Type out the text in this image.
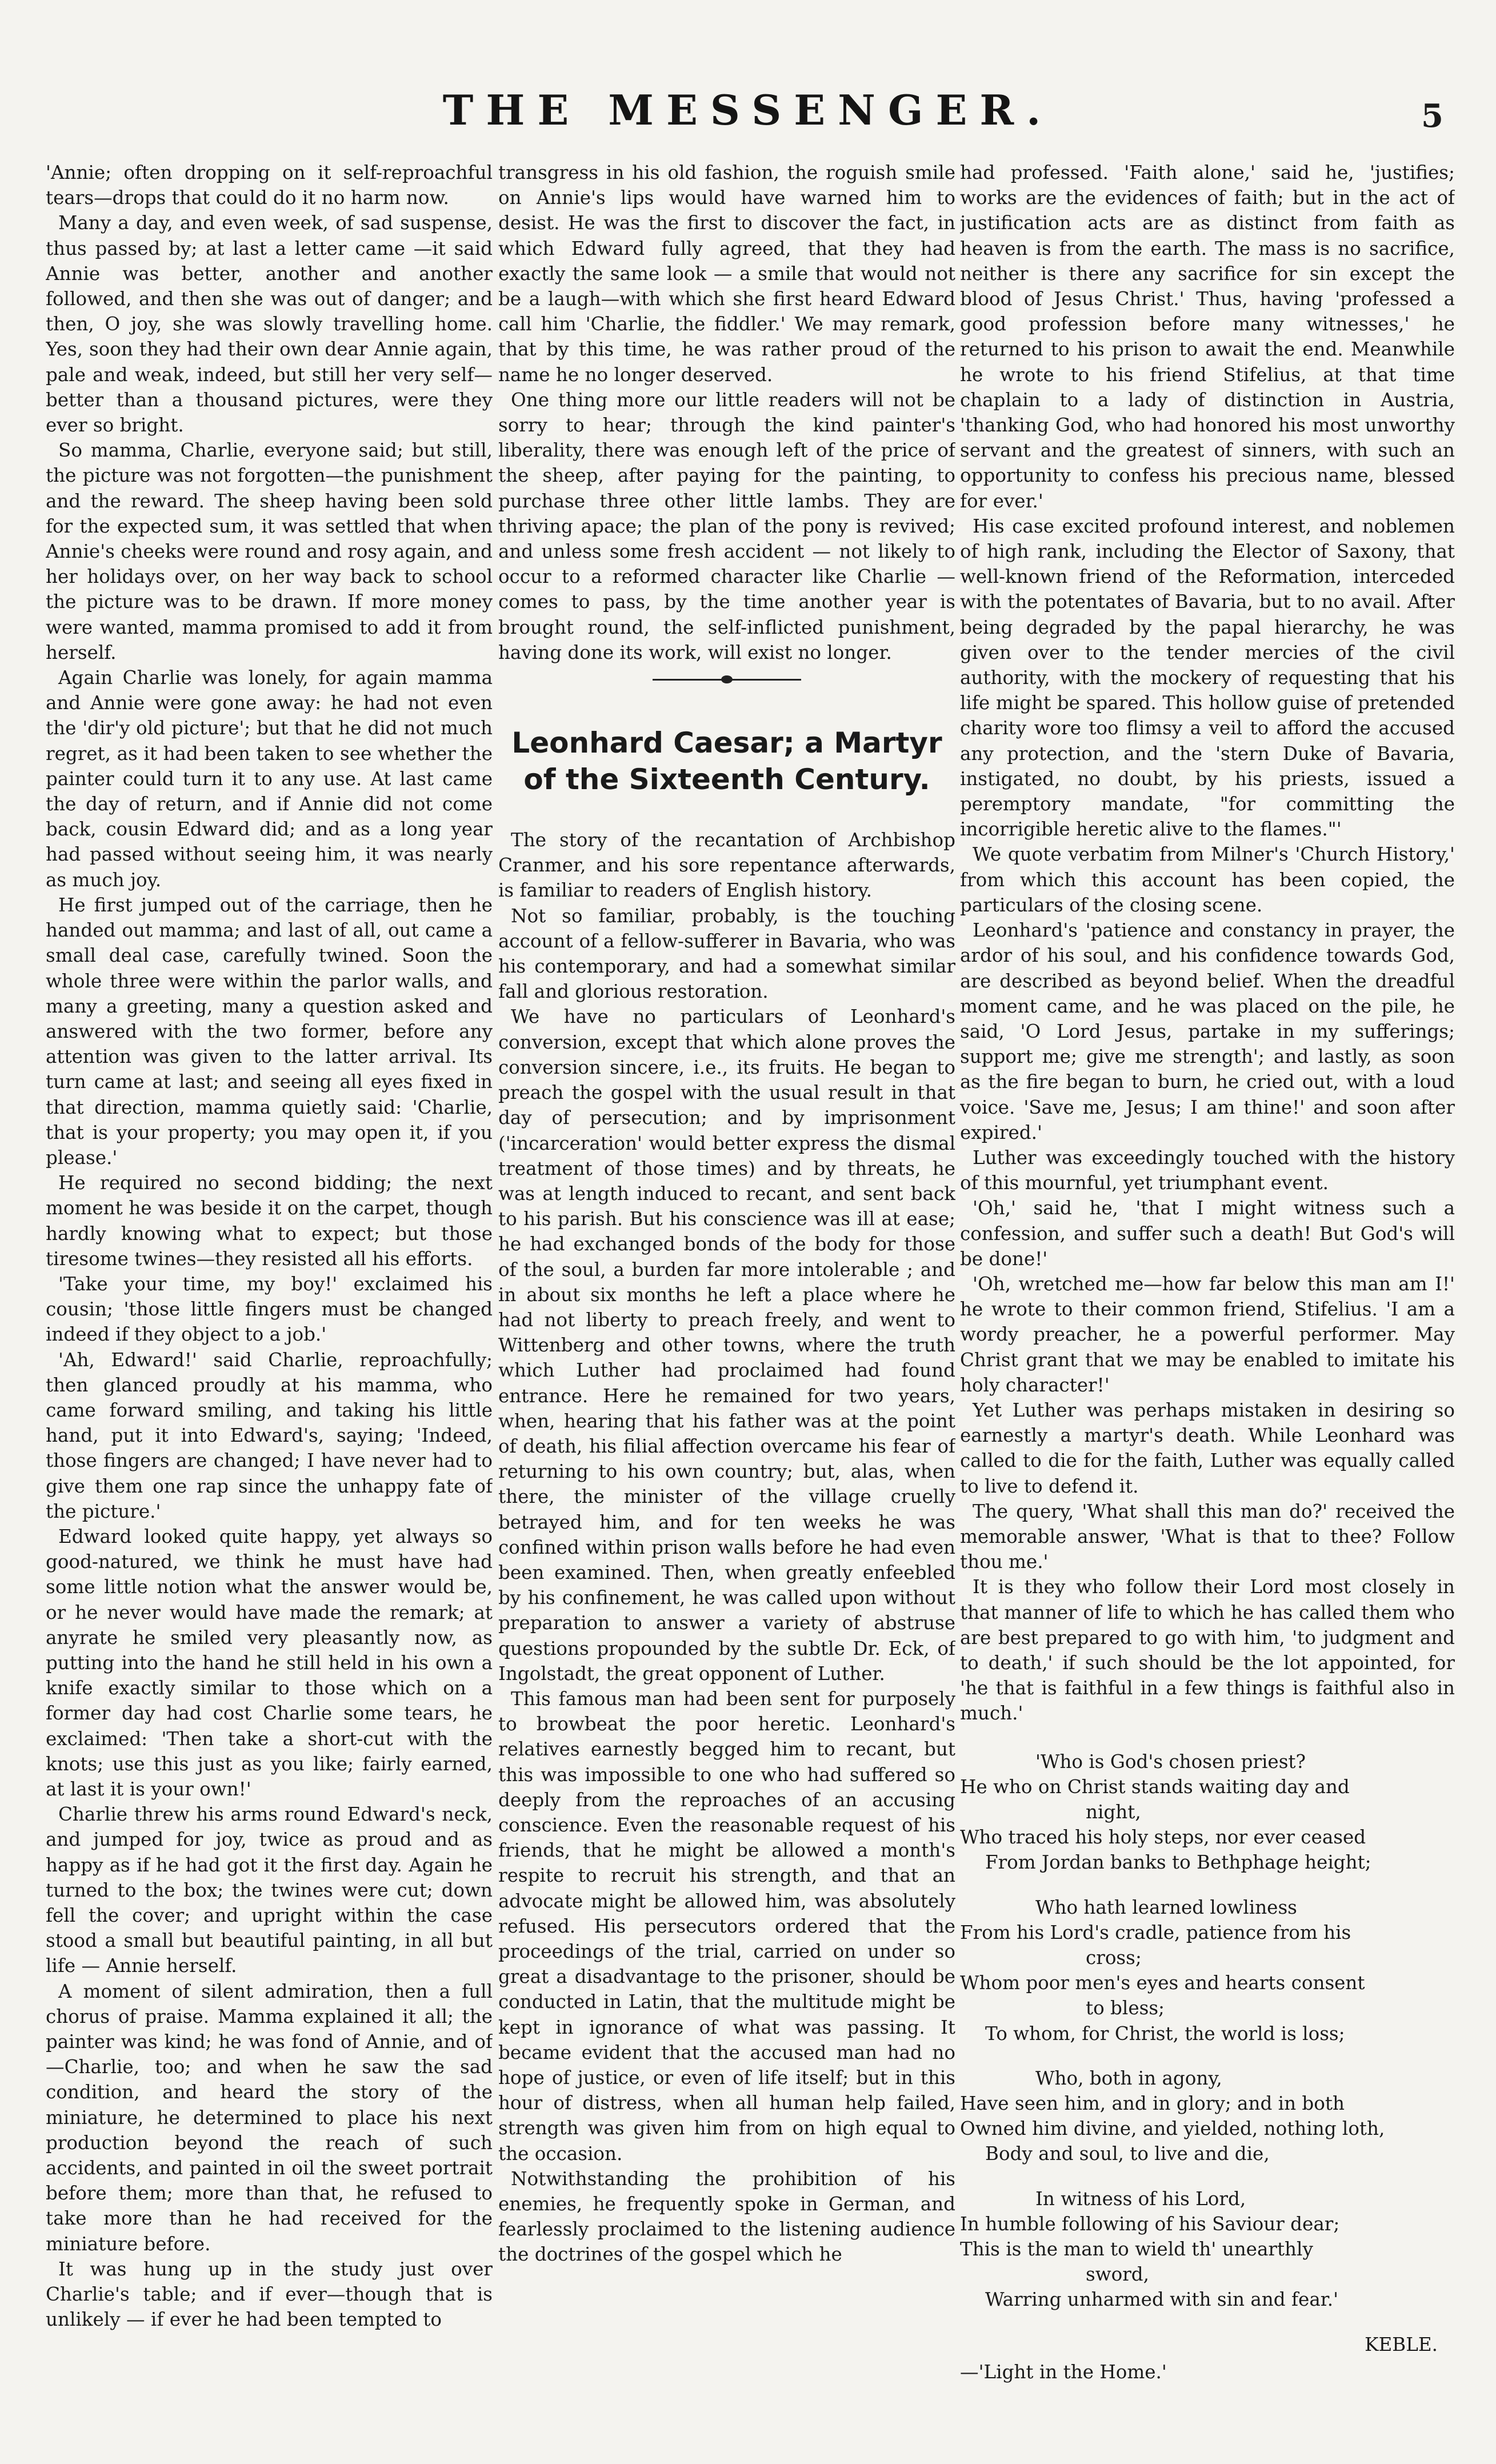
THE MESSENGER.	5

'Annie; often dropping on it self-reproachful tears—drops that could do it no harm now.

Many a day, and even week, of sad suspense, thus passed by; at last a letter came —it said Annie was better, another and another followed, and then she was out of danger; and then, O joy, she was slowly travelling home. Yes, soon they had their own dear Annie again, pale and weak, indeed, but still her very self—better than a thousand pictures, were they ever so bright.

So mamma, Charlie, everyone said; but still, the picture was not forgotten—the punishment and the reward. The sheep having been sold for the expected sum, it was settled that when Annie's cheeks were round and rosy again, and her holidays over, on her way back to school the picture was to be drawn. If more money were wanted, mamma promised to add it from herself.

Again Charlie was lonely, for again mamma and Annie were gone away: he had not even the 'dir'y old picture'; but that he did not much regret, as it had been taken to see whether the painter could turn it to any use. At last came the day of return, and if Annie did not come back, cousin Edward did; and as a long year had passed without seeing him, it was nearly as much joy.

He first jumped out of the carriage, then he handed out mamma; and last of all, out came a small deal case, carefully twined. Soon the whole three were within the parlor walls, and many a greeting, many a question asked and answered with the two former, before any attention was given to the latter arrival. Its turn came at last; and seeing all eyes fixed in that direction, mamma quietly said: 'Charlie, that is your property; you may open it, if you please.'

He required no second bidding; the next moment he was beside it on the carpet, though hardly knowing what to expect; but those tiresome twines—they resisted all his efforts.

'Take your time, my boy!' exclaimed his cousin; 'those little fingers must be changed indeed if they object to a job.'

'Ah, Edward!' said Charlie, reproachfully; then glanced proudly at his mamma, who came forward smiling, and taking his little hand, put it into Edward's, saying; 'Indeed, those fingers are changed; I have never had to give them one rap since the unhappy fate of the picture.'

Edward looked quite happy, yet always so good-natured, we think he must have had some little notion what the answer would be, or he never would have made the remark; at anyrate he smiled very pleasantly now, as putting into the hand he still held in his own a knife exactly similar to those which on a former day had cost Charlie some tears, he exclaimed: 'Then take a short-cut with the knots; use this just as you like; fairly earned, at last it is your own!'

Charlie threw his arms round Edward's neck, and jumped for joy, twice as proud and as happy as if he had got it the first day. Again he turned to the box; the twines were cut; down fell the cover; and upright within the case stood a small but beautiful painting, in all but life — Annie herself.

A moment of silent admiration, then a full chorus of praise. Mamma explained it all; the painter was kind; he was fond of Annie, and of—Charlie, too; and when he saw the sad condition, and heard the story of the miniature, he determined to place his next production beyond the reach of such accidents, and painted in oil the sweet portrait before them; more than that, he refused to take more than he had received for the miniature before.

It was hung up in the study just over Charlie's table; and if ever—though that is unlikely — if ever he had been tempted to

transgress in his old fashion, the roguish smile on Annie's lips would have warned him to desist. He was the first to discover the fact, in which Edward fully agreed, that they had exactly the same look — a smile that would not be a laugh—with which she first heard Edward call him 'Charlie, the fiddler.' We may remark, that by this time, he was rather proud of the name he no longer deserved.

One thing more our little readers will not be sorry to hear; through the kind painter's liberality, there was enough left of the price of the sheep, after paying for the painting, to purchase three other little lambs. They are thriving apace; the plan of the pony is revived; and unless some fresh accident — not likely to occur to a reformed character like Charlie — comes to pass, by the time another year is brought round, the self-inflicted punishment, having done its work, will exist no longer.

Leonhard Caesar; a Martyr of the Sixteenth Century.

The story of the recantation of Archbishop Cranmer, and his sore repentance afterwards, is familiar to readers of English history.

Not so familiar, probably, is the touching account of a fellow-sufferer in Bavaria, who was his contemporary, and had a somewhat similar fall and glorious restoration.

We have no particulars of Leonhard's conversion, except that which alone proves the conversion sincere, i.e., its fruits. He began to preach the gospel with the usual result in that day of persecution; and by imprisonment ('incarceration' would better express the dismal treatment of those times) and by threats, he was at length induced to recant, and sent back to his parish. But his conscience was ill at ease; he had exchanged bonds of the body for those of the soul, a burden far more intolerable ; and in about six months he left a place where he had not liberty to preach freely, and went to Wittenberg and other towns, where the truth which Luther had proclaimed had found entrance. Here he remained for two years, when, hearing that his father was at the point of death, his filial affection overcame his fear of returning to his own country; but, alas, when there, the minister of the village cruelly betrayed him, and for ten weeks he was confined within prison walls before he had even been examined. Then, when greatly enfeebled by his confinement, he was called upon without preparation to answer a variety of abstruse questions propounded by the subtle Dr. Eck, of Ingolstadt, the great opponent of Luther.

This famous man had been sent for purposely to browbeat the poor heretic. Leonhard's relatives earnestly begged him to recant, but this was impossible to one who had suffered so deeply from the reproaches of an accusing conscience. Even the reasonable request of his friends, that he might be allowed a month's respite to recruit his strength, and that an advocate might be allowed him, was absolutely refused. His persecutors ordered that the proceedings of the trial, carried on under so great a disadvantage to the prisoner, should be conducted in Latin, that the multitude might be kept in ignorance of what was passing. It became evident that the accused man had no hope of justice, or even of life itself; but in this hour of distress, when all human help failed, strength was given him from on high equal to the occasion.

Notwithstanding the prohibition of his enemies, he frequently spoke in German, and fearlessly proclaimed to the listening audience the doctrines of the gospel which he

had professed. 'Faith alone,' said he, 'justifies; works are the evidences of faith; but in the act of justification acts are as distinct from faith as heaven is from the earth. The mass is no sacrifice, neither is there any sacrifice for sin except the blood of Jesus Christ.' Thus, having 'professed a good profession before many witnesses,' he returned to his prison to await the end. Meanwhile he wrote to his friend Stifelius, at that time chaplain to a lady of distinction in Austria, 'thanking God, who had honored his most unworthy servant and the greatest of sinners, with such an opportunity to confess his precious name, blessed for ever.'

His case excited profound interest, and noblemen of high rank, including the Elector of Saxony, that well-known friend of the Reformation, interceded with the potentates of Bavaria, but to no avail. After being degraded by the papal hierarchy, he was given over to the tender mercies of the civil authority, with the mockery of requesting that his life might be spared. This hollow guise of pretended charity wore too flimsy a veil to afford the accused any protection, and the 'stern Duke of Bavaria, instigated, no doubt, by his priests, issued a peremptory mandate, "for committing the incorrigible heretic alive to the flames."'

We quote verbatim from Milner's 'Church History,' from which this account has been copied, the particulars of the closing scene.

Leonhard's 'patience and constancy in prayer, the ardor of his soul, and his confidence towards God, are described as beyond belief. When the dreadful moment came, and he was placed on the pile, he said, 'O Lord Jesus, partake in my sufferings; support me; give me strength'; and lastly, as soon as the fire began to burn, he cried out, with a loud voice. 'Save me, Jesus; I am thine!' and soon after expired.'

Luther was exceedingly touched with the history of this mournful, yet triumphant event.

'Oh,' said he, 'that I might witness such a confession, and suffer such a death! But God's will be done!'

'Oh, wretched me—how far below this man am I!' he wrote to their common friend, Stifelius. 'I am a wordy preacher, he a powerful performer. May Christ grant that we may be enabled to imitate his holy character!'

Yet Luther was perhaps mistaken in desiring so earnestly a martyr's death. While Leonhard was called to die for the faith, Luther was equally called to live to defend it.

The query, 'What shall this man do?' received the memorable answer, 'What is that to thee? Follow thou me.'

It is they who follow their Lord most closely in that manner of life to which he has called them who are best prepared to go with him, 'to judgment and to death,' if such should be the lot appointed, for 'he that is faithful in a few things is faithful also in much.'

'Who is God's chosen priest?
He who on Christ stands waiting day and
night,
Who traced his holy steps, nor ever ceased
From Jordan banks to Bethphage height;
Who hath learned lowliness
From his Lord's cradle, patience from his
cross;
Whom poor men's eyes and hearts consent
to bless;
To whom, for Christ, the world is loss;
Who, both in agony,
Have seen him, and in glory; and in both
Owned him divine, and yielded, nothing loth,
Body and soul, to live and die,
In witness of his Lord,
In humble following of his Saviour dear;
This is the man to wield th' unearthly
sword,
Warring unharmed with sin and fear.'
KEBLE.
—'Light in the Home.'
